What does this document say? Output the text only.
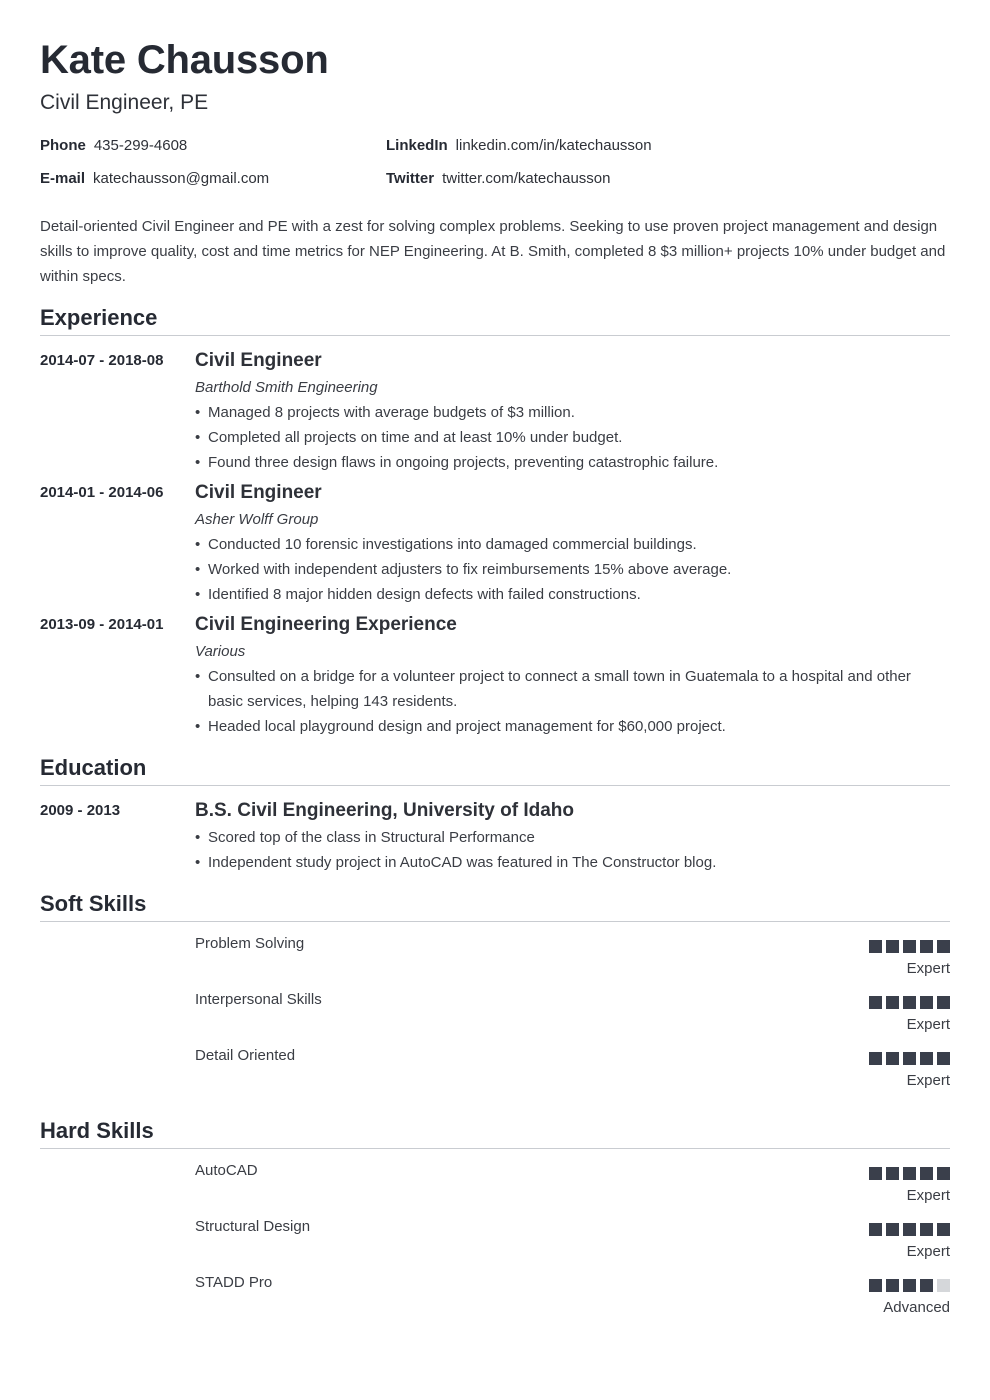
Kate Chausson
Civil Engineer, PE
Phone 435-299-4608
E-mail katechausson@gmail.com
LinkedIn linkedin.com/in/katechausson
Twitter twitter.com/katechausson

Detail-oriented Civil Engineer and PE with a zest for solving complex problems. Seeking to use proven project management and design skills to improve quality, cost and time metrics for NEP Engineering. At B. Smith, completed 8 $3 million+ projects 10% under budget and within specs.

Experience
2014-07 - 2018-08 Civil Engineer
Barthold Smith Engineering
• Managed 8 projects with average budgets of $3 million.
• Completed all projects on time and at least 10% under budget.
• Found three design flaws in ongoing projects, preventing catastrophic failure.
2014-01 - 2014-06 Civil Engineer
Asher Wolff Group
• Conducted 10 forensic investigations into damaged commercial buildings.
• Worked with independent adjusters to fix reimbursements 15% above average.
• Identified 8 major hidden design defects with failed constructions.
2013-09 - 2014-01 Civil Engineering Experience
Various
• Consulted on a bridge for a volunteer project to connect a small town in Guatemala to a hospital and other basic services, helping 143 residents.
• Headed local playground design and project management for $60,000 project.
Education
2009 - 2013	B.S. Civil Engineering, University of Idaho
• Scored top of the class in Structural Performance
• Independent study project in AutoCAD was featured in The Constructor blog.
Soft Skills
Problem Solving
Expert
Interpersonal Skills
Expert
Detail Oriented
Expert
Hard Skills
AutoCAD
Expert
Structural Design
Expert
STADD Pro
Advanced
